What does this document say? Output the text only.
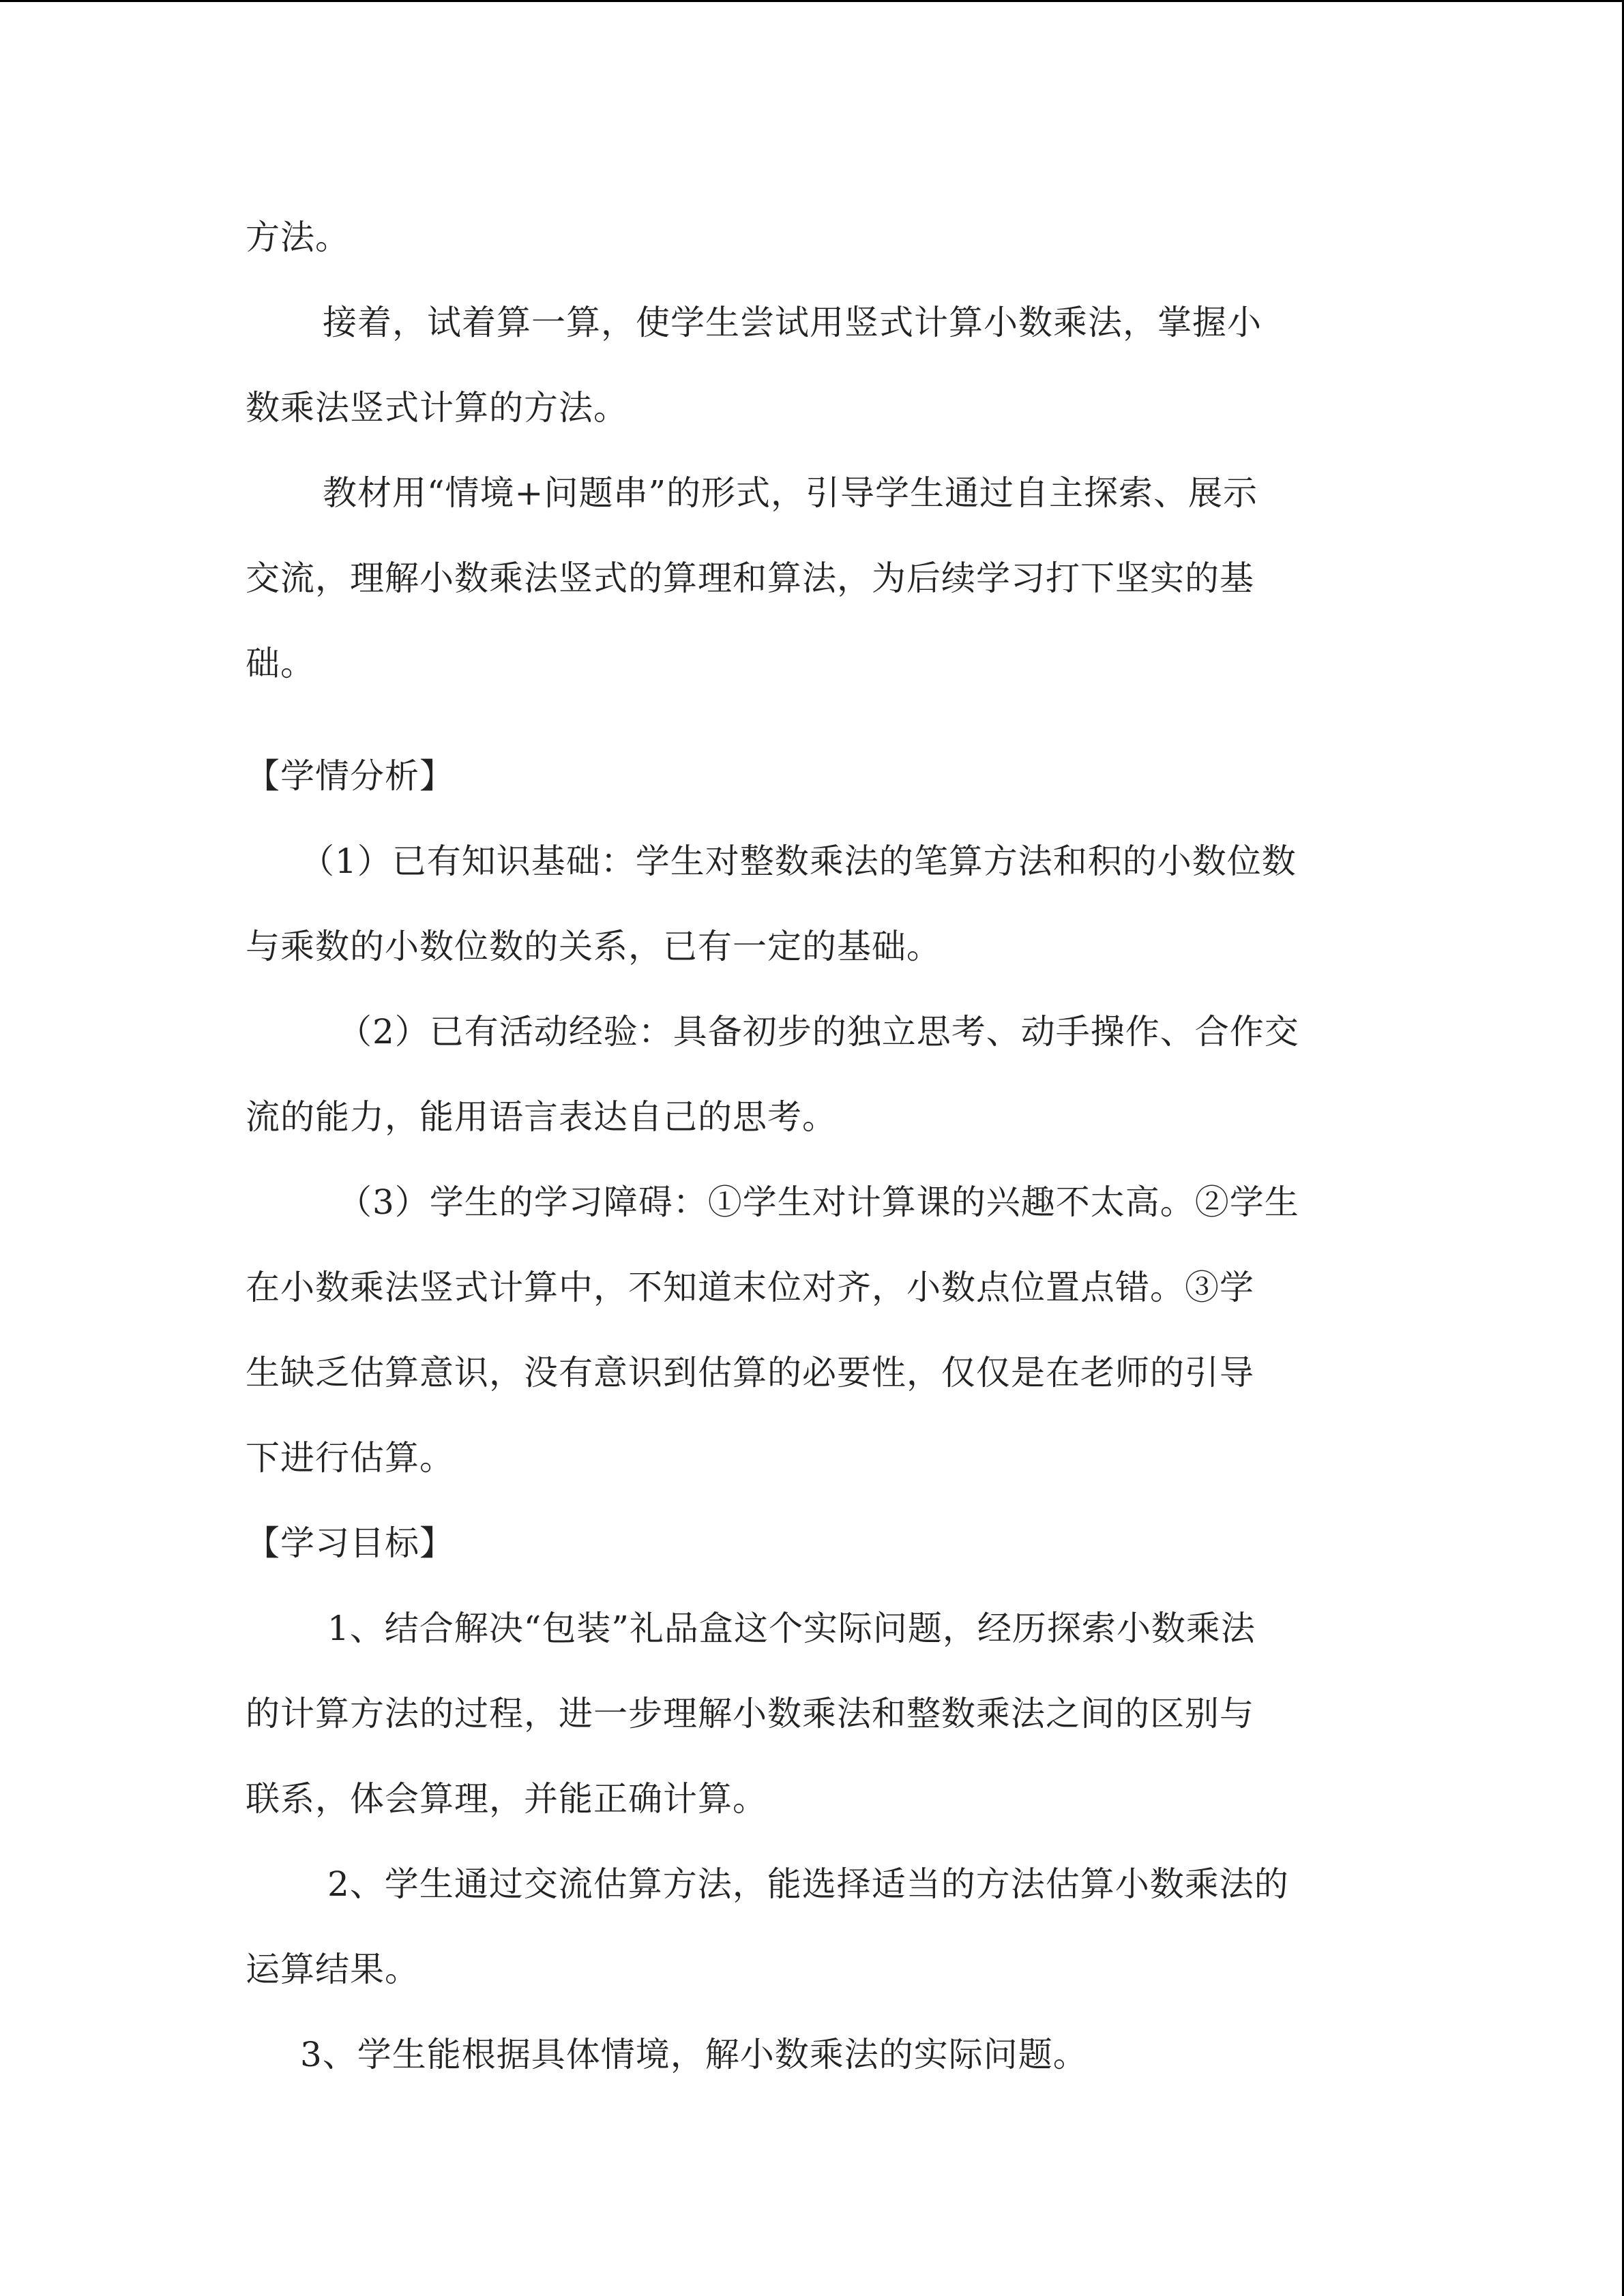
方法。

接着，试着算一算，使学生尝试用竖式计算小数乘法，掌握小

数乘法竖式计算的方法。

教材用“情境+问题串”的形式，引导学生通过自主探索、展示

交流，理解小数乘法竖式的算理和算法，为后续学习打下坚实的基

础。

【学情分析】

（1）已有知识基础：学生对整数乘法的笔算方法和积的小数位数

与乘数的小数位数的关系，已有一定的基础。

（2）已有活动经验：具备初步的独立思考、动手操作、合作交

流的能力，能用语言表达自己的思考。

（3）学生的学习障碍：①学生对计算课的兴趣不太高。②学生

在小数乘法竖式计算中，不知道末位对齐，小数点位置点错。③学

生缺乏估算意识，没有意识到估算的必要性，仅仅是在老师的引导

下进行估算。

【学习目标】

1、结合解决“包装”礼品盒这个实际问题，经历探索小数乘法

的计算方法的过程，进一步理解小数乘法和整数乘法之间的区别与

联系，体会算理，并能正确计算。

2、学生通过交流估算方法，能选择适当的方法估算小数乘法的

运算结果。

3、学生能根据具体情境，解小数乘法的实际问题。
